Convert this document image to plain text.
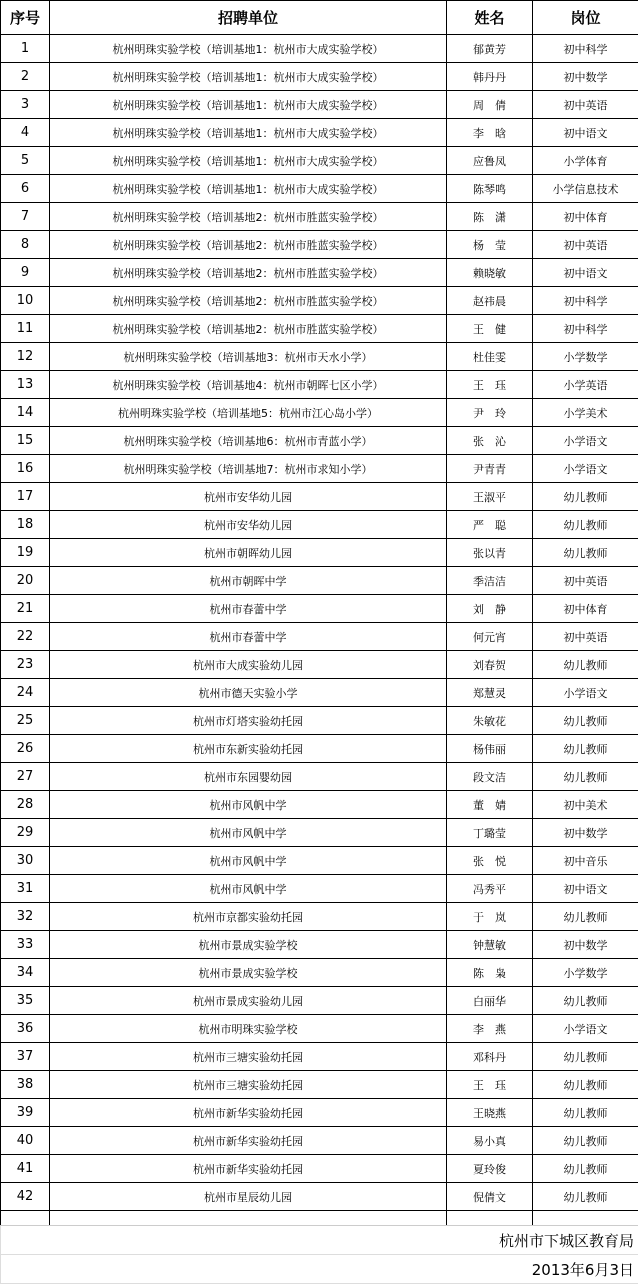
序号	招聘单位	姓名	岗位
1	杭州明珠实验学校（培训基地1：杭州市大成实验学校）	郁黄芳	初中科学
2	杭州明珠实验学校（培训基地1：杭州市大成实验学校）	韩丹丹	初中数学
3	杭州明珠实验学校（培训基地1：杭州市大成实验学校）	周　倩	初中英语
4	杭州明珠实验学校（培训基地1：杭州市大成实验学校）	李　晗	初中语文
5	杭州明珠实验学校（培训基地1：杭州市大成实验学校）	应鲁凤	小学体育
6	杭州明珠实验学校（培训基地1：杭州市大成实验学校）	陈琴鸣	小学信息技术
7	杭州明珠实验学校（培训基地2：杭州市胜蓝实验学校）	陈　潇	初中体育
8	杭州明珠实验学校（培训基地2：杭州市胜蓝实验学校）	杨　莹	初中英语
9	杭州明珠实验学校（培训基地2：杭州市胜蓝实验学校）	赖晓敏	初中语文
10	杭州明珠实验学校（培训基地2：杭州市胜蓝实验学校）	赵祎晨	初中科学
11	杭州明珠实验学校（培训基地2：杭州市胜蓝实验学校）	王　健	初中科学
12	杭州明珠实验学校（培训基地3：杭州市天水小学）	杜佳雯	小学数学
13	杭州明珠实验学校（培训基地4：杭州市朝晖七区小学）	王　珏	小学英语
14	杭州明珠实验学校（培训基地5：杭州市江心岛小学）	尹　玲	小学美术
15	杭州明珠实验学校（培训基地6：杭州市青蓝小学）	张　沁	小学语文
16	杭州明珠实验学校（培训基地7：杭州市求知小学）	尹青青	小学语文
17	杭州市安华幼儿园	王淑平	幼儿教师
18	杭州市安华幼儿园	严　聪	幼儿教师
19	杭州市朝晖幼儿园	张以青	幼儿教师
20	杭州市朝晖中学	季洁洁	初中英语
21	杭州市春蕾中学	刘　静	初中体育
22	杭州市春蕾中学	何元宵	初中英语
23	杭州市大成实验幼儿园	刘春贺	幼儿教师
24	杭州市德天实验小学	郑慧灵	小学语文
25	杭州市灯塔实验幼托园	朱敏花	幼儿教师
26	杭州市东新实验幼托园	杨伟丽	幼儿教师
27	杭州市东园婴幼园	段文洁	幼儿教师
28	杭州市风帆中学	董　婧	初中美术
29	杭州市风帆中学	丁璐莹	初中数学
30	杭州市风帆中学	张　悦	初中音乐
31	杭州市风帆中学	冯秀平	初中语文
32	杭州市京都实验幼托园	于　岚	幼儿教师
33	杭州市景成实验学校	钟慧敏	初中数学
34	杭州市景成实验学校	陈　枭	小学数学
35	杭州市景成实验幼儿园	白丽华	幼儿教师
36	杭州市明珠实验学校	李　燕	小学语文
37	杭州市三塘实验幼托园	邓科丹	幼儿教师
38	杭州市三塘实验幼托园	王　珏	幼儿教师
39	杭州市新华实验幼托园	王晓燕	幼儿教师
40	杭州市新华实验幼托园	易小真	幼儿教师
41	杭州市新华实验幼托园	夏玲俊	幼儿教师
42	杭州市星辰幼儿园	倪倩文	幼儿教师

	杭州市下城区教育局		
	2013年6月3日		
